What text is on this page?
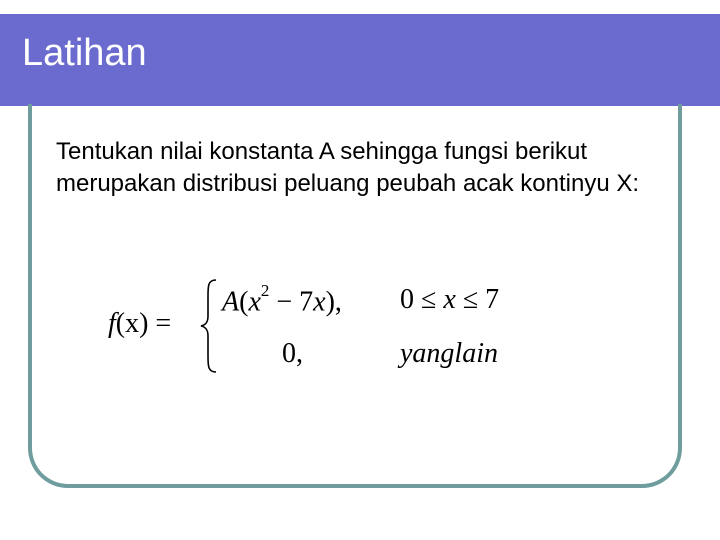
Latihan
Tentukan nilai konstanta A sehingga fungsi berikut merupakan distribusi peluang peubah acak kontinyu X:
f(x) =
$A(x^2 - 7x)$, 0 ≤ x ≤ 7
0,	yanglain
